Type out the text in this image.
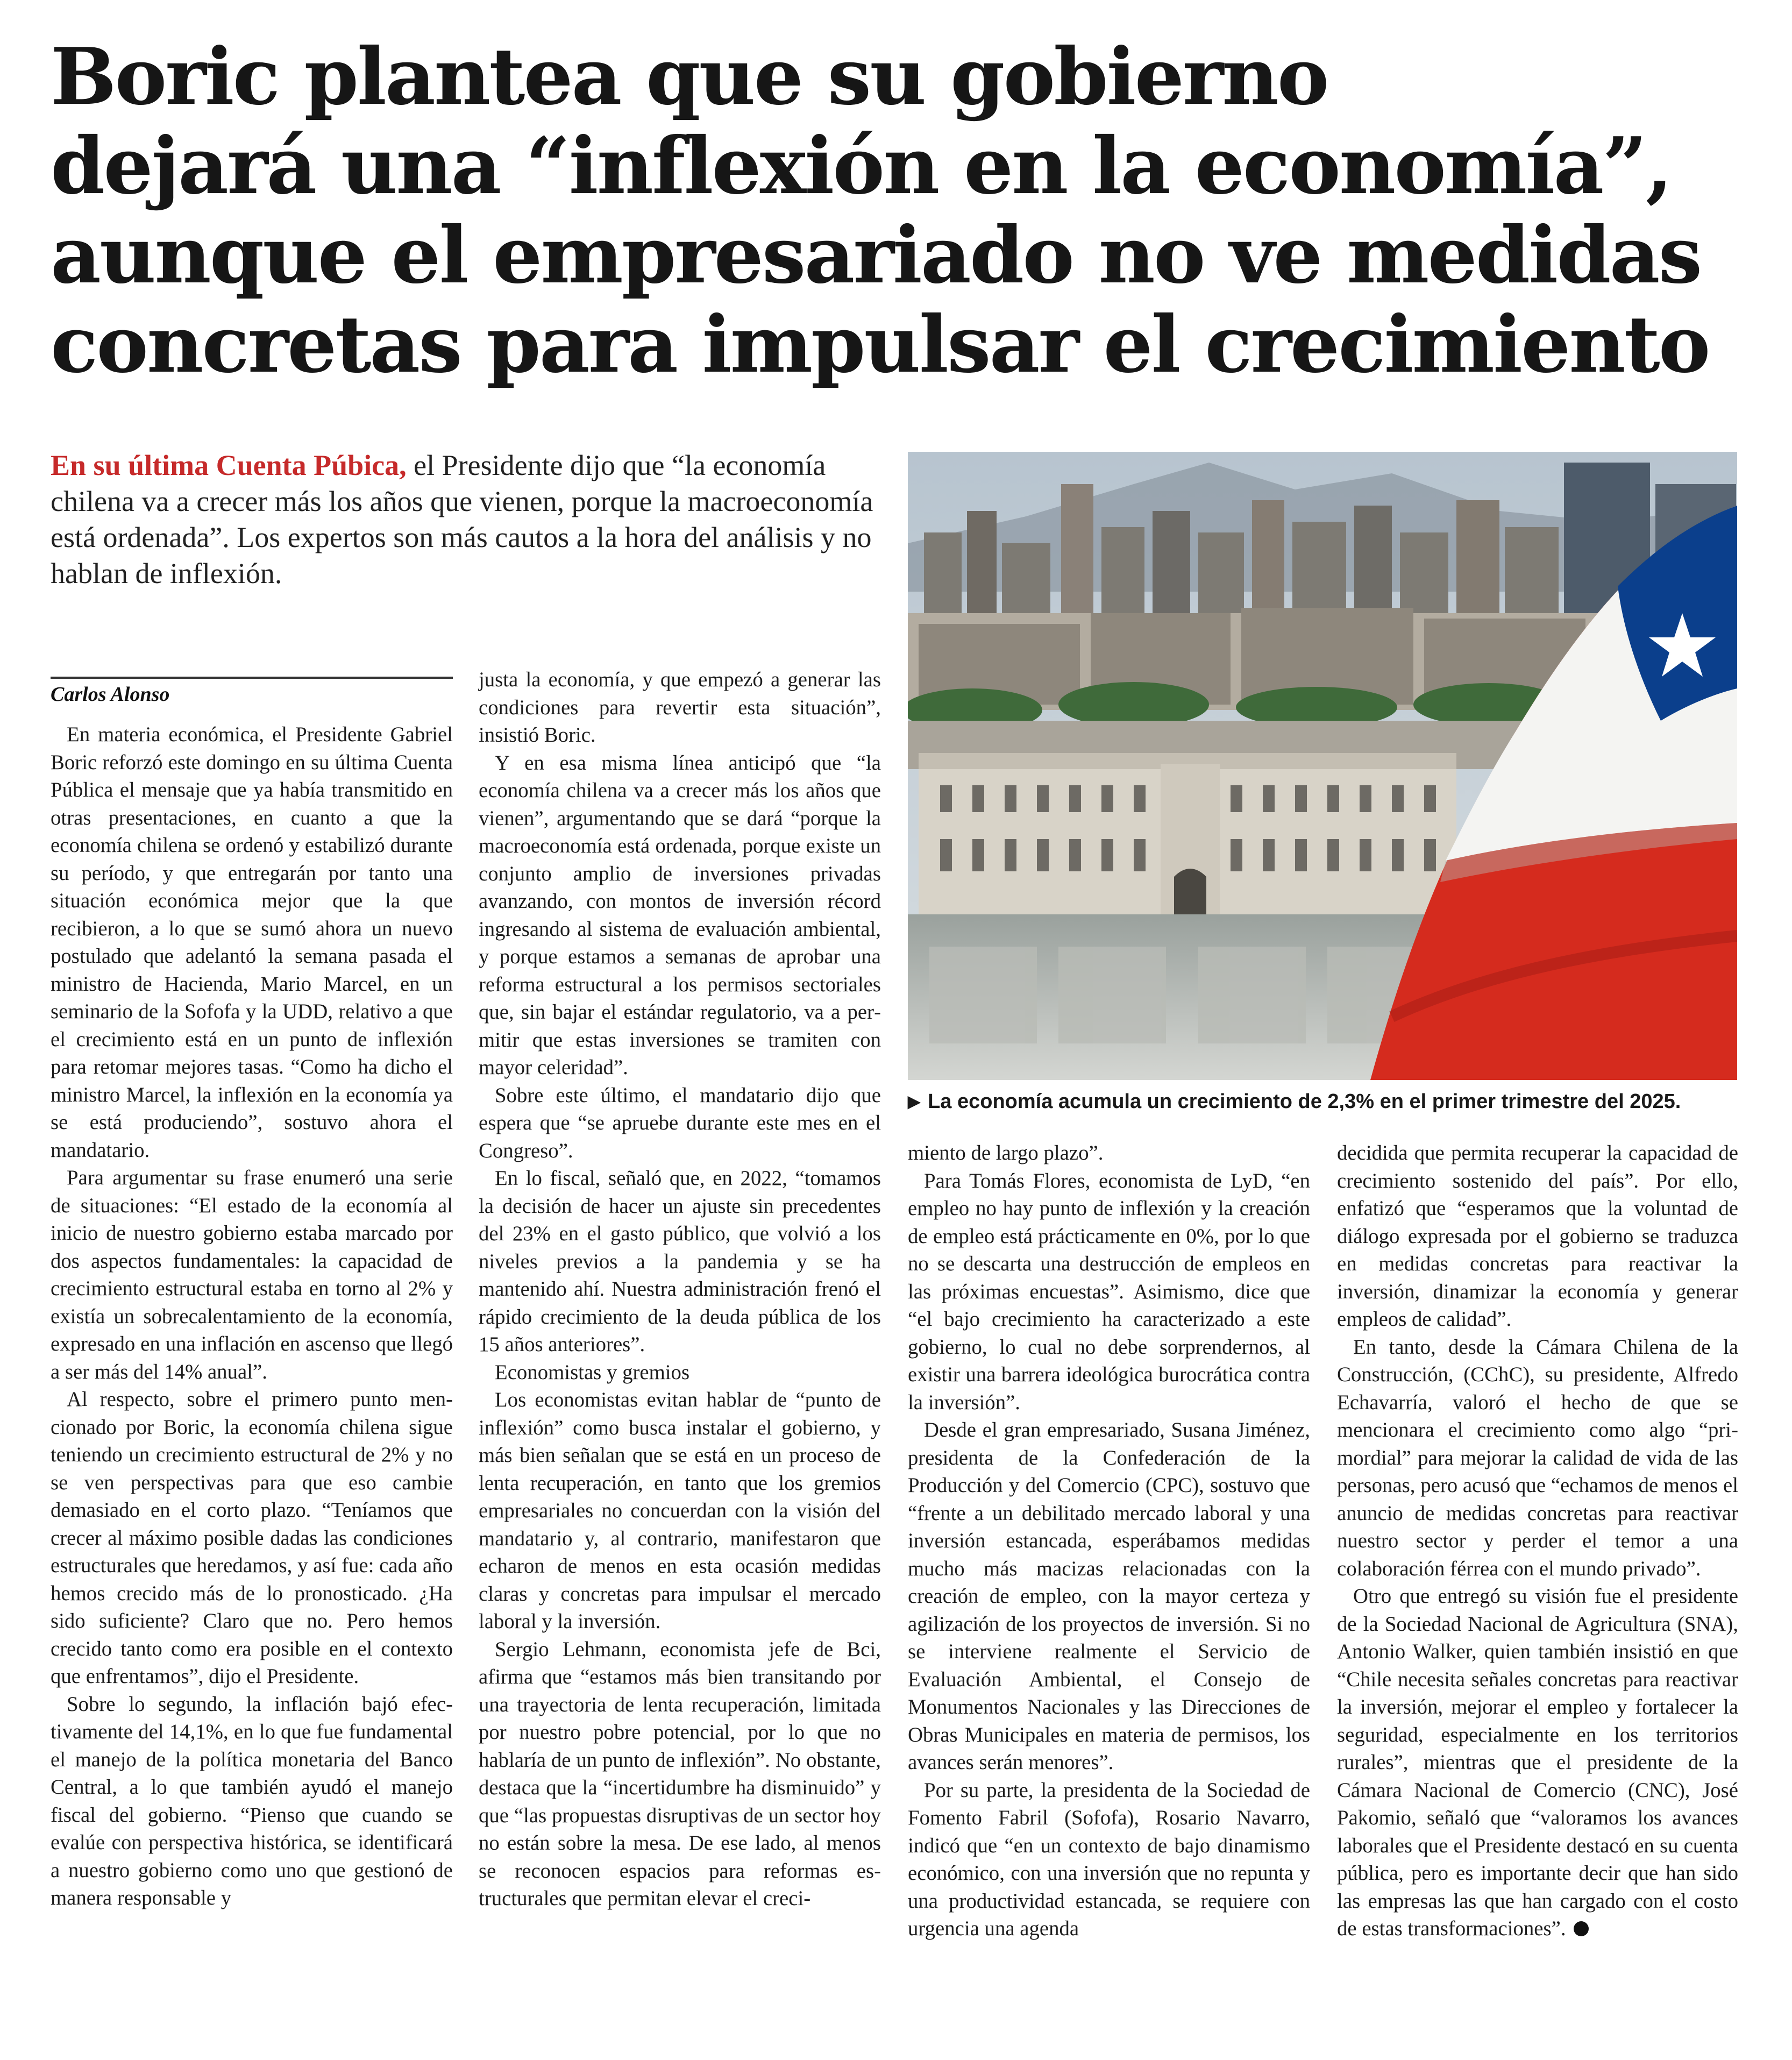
Boric plantea que su gobierno
dejará una “inflexión en la economía”,
aunque el empresariado no ve medidas
concretas para impulsar el crecimiento
En su última Cuenta Púbica, el Presidente dijo que “la economía chilena va a crecer más los años que vienen, porque la macroeconomía está ordenada”. Los expertos son más cautos a la hora del análisis y no hablan de inflexión.
▶ La economía acumula un crecimiento de 2,3% en el primer trimestre del 2025.
Carlos Alonso

En materia económica, el Presidente Gabriel Boric reforzó este domingo en su última Cuenta Pública el mensaje que ya había transmitido en otras presentaciones, en cuanto a que la economía chilena se ordenó y estabilizó durante su período, y que entregarán por tanto una situación económica mejor que la que recibieron, a lo que se sumó ahora un nuevo postulado que adelantó la semana pasada el ministro de Hacienda, Mario Marcel, en un seminario de la Sofofa y la UDD, relativo a que el crecimiento está en un punto de inflexión para retomar mejores tasas. “Como ha dicho el ministro Marcel, la inflexión en la economía ya se está produciendo”, sostuvo ahora el mandatario.

Para argumentar su frase enumeró una serie de situaciones: “El estado de la economía al inicio de nuestro gobierno estaba marcado por dos aspectos fundamentales: la capacidad de crecimiento estructural estaba en torno al 2% y existía un sobrecalentamiento de la economía, expresado en una inflación en ascenso que llegó a ser más del 14% anual”.

Al respecto, sobre el primero punto mencionado por Boric, la economía chilena sigue teniendo un crecimiento estructural de 2% y no se ven perspectivas para que eso cambie demasiado en el corto plazo. “Teníamos que crecer al máximo posible dadas las condiciones estructurales que heredamos, y así fue: cada año hemos crecido más de lo pronosticado. ¿Ha sido suficiente? Claro que no. Pero hemos crecido tanto como era posible en el contexto que enfrentamos”, dijo el Presidente.

Sobre lo segundo, la inflación bajó efectivamente del 14,1%, en lo que fue fundamental el manejo de la política monetaria del Banco Central, a lo que también ayudó el manejo fiscal del gobierno. “Pienso que cuando se evalúe con perspectiva histórica, se identificará a nuestro gobierno como uno que gestionó de manera responsable y

justa la economía, y que empezó a generar las condiciones para revertir esta situación”, insistió Boric.

Y en esa misma línea anticipó que “la economía chilena va a crecer más los años que vienen”, argumentando que se dará “porque la macroeconomía está ordenada, porque existe un conjunto amplio de inversiones privadas avanzando, con montos de inversión récord ingresando al sistema de evaluación ambiental, y porque estamos a semanas de aprobar una reforma estructural a los permisos sectoriales que, sin bajar el estándar regulatorio, va a permitir que estas inversiones se tramiten con mayor celeridad”.

Sobre este último, el mandatario dijo que espera que “se apruebe durante este mes en el Congreso”.

En lo fiscal, señaló que, en 2022, “tomamos la decisión de hacer un ajuste sin precedentes del 23% en el gasto público, que volvió a los niveles previos a la pandemia y se ha mantenido ahí. Nuestra administración frenó el rápido crecimiento de la deuda pública de los 15 años anteriores”.

Economistas y gremios

Los economistas evitan hablar de “punto de inflexión” como busca instalar el gobierno, y más bien señalan que se está en un proceso de lenta recuperación, en tanto que los gremios empresariales no concuerdan con la visión del mandatario y, al contrario, manifestaron que echaron de menos en esta ocasión medidas claras y concretas para impulsar el mercado laboral y la inversión.

Sergio Lehmann, economista jefe de Bci, afirma que “estamos más bien transitando por una trayectoria de lenta recuperación, limitada por nuestro pobre potencial, por lo que no hablaría de un punto de inflexión”. No obstante, destaca que la “incertidumbre ha disminuido” y que “las propuestas disruptivas de un sector hoy no están sobre la mesa. De ese lado, al menos se reconocen espacios para reformas estructurales que permitan elevar el creci-

miento de largo plazo”.

Para Tomás Flores, economista de LyD, “en empleo no hay punto de inflexión y la creación de empleo está prácticamente en 0%, por lo que no se descarta una destrucción de empleos en las próximas encuestas”. Asimismo, dice que “el bajo crecimiento ha caracterizado a este gobierno, lo cual no debe sorprendernos, al existir una barrera ideológica burocrática contra la inversión”.

Desde el gran empresariado, Susana Jiménez, presidenta de la Confederación de la Producción y del Comercio (CPC), sostuvo que “frente a un debilitado mercado laboral y una inversión estancada, esperábamos medidas mucho más macizas relacionadas con la creación de empleo, con la mayor certeza y agilización de los proyectos de inversión. Si no se interviene realmente el Servicio de Evaluación Ambiental, el Consejo de Monumentos Nacionales y las Direcciones de Obras Municipales en materia de permisos, los avances serán menores”.

Por su parte, la presidenta de la Sociedad de Fomento Fabril (Sofofa), Rosario Navarro, indicó que “en un contexto de bajo dinamismo económico, con una inversión que no repunta y una productividad estancada, se requiere con urgencia una agenda

decidida que permita recuperar la capacidad de crecimiento sostenido del país”. Por ello, enfatizó que “esperamos que la voluntad de diálogo expresada por el gobierno se traduzca en medidas concretas para reactivar la inversión, dinamizar la economía y generar empleos de calidad”.

En tanto, desde la Cámara Chilena de la Construcción, (CChC), su presidente, Alfredo Echavarría, valoró el hecho de que se mencionara el crecimiento como algo “primordial” para mejorar la calidad de vida de las personas, pero acusó que “echamos de menos el anuncio de medidas concretas para reactivar nuestro sector y perder el temor a una colaboración férrea con el mundo privado”.

Otro que entregó su visión fue el presidente de la Sociedad Nacional de Agricultura (SNA), Antonio Walker, quien también insistió en que “Chile necesita señales concretas para reactivar la inversión, mejorar el empleo y fortalecer la seguridad, especialmente en los territorios rurales”, mientras que el presidente de la Cámara Nacional de Comercio (CNC), José Pakomio, señaló que “valoramos los avances laborales que el Presidente destacó en su cuenta pública, pero es importante decir que han sido las empresas las que han cargado con el costo de estas transformaciones”.
